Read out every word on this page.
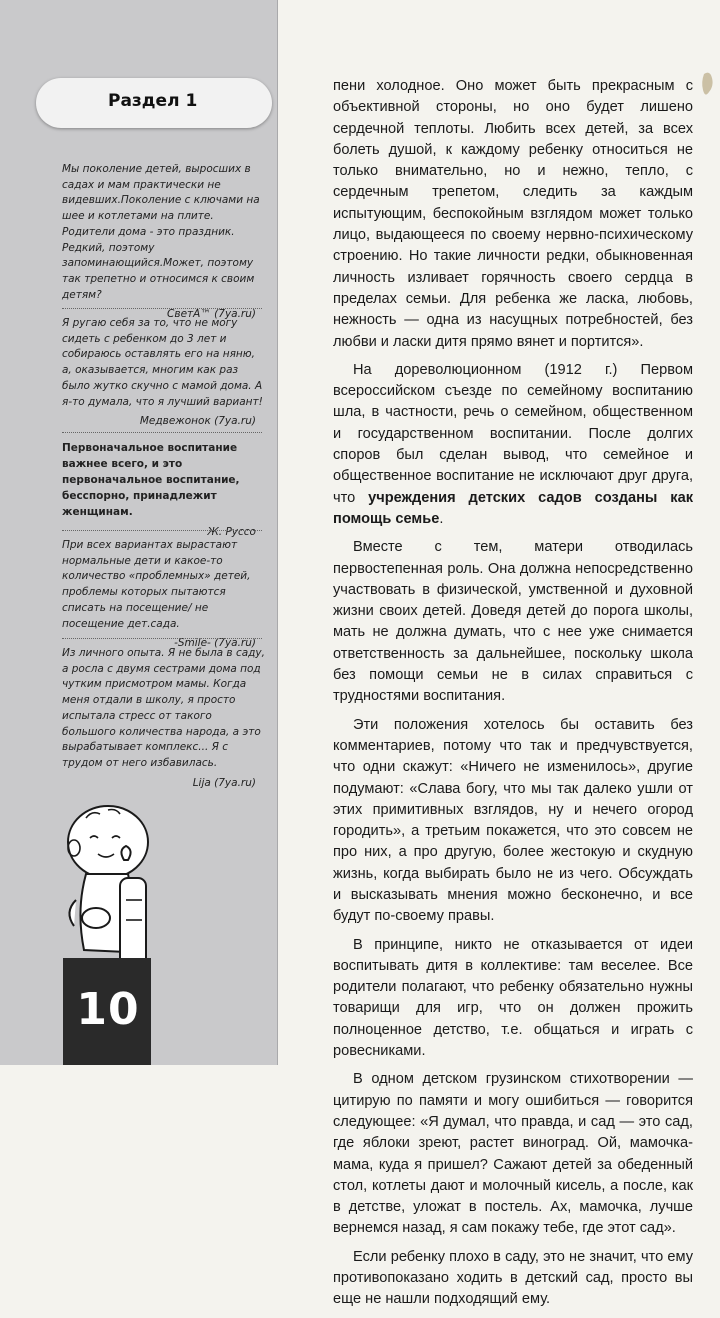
Раздел 1
Мы поколение детей, выросших в садах и мам практически не видевших.Поколение с ключами на шее и котлетами на плите. Родители дома - это праздник. Редкий, поэтому запоминающийся.Может, поэтому так трепетно и относимся к своим детям?
СветА™ (7ya.ru)
Я ругаю себя за то, что не могу сидеть с ребенком до 3 лет и собираюсь оставлять его на няню, а, оказывается, многим как раз было жутко скучно с мамой дома. А я-то думала, что я лучший вариант!
Медвежонок (7ya.ru)
Первоначальное воспитание важнее всего, и это первоначальное воспитание, бесспорно, принадлежит женщинам.
Ж. Руссо
При всех вариантах вырастают нормальные дети и какое-то количество «проблемных» детей, проблемы которых пытаются списать на посещение/ не посещение дет.сада.
-Smile- (7ya.ru)
Из личного опыта. Я не была в саду, а росла с двумя сестрами дома под чутким присмотром мамы. Когда меня отдали в школу, я просто испытала стресс от такого большого количества народа, а это вырабатывает комплекс... Я с трудом от него избавилась.
Lija (7ya.ru)
10

пени холодное. Оно может быть прекрасным с объективной стороны, но оно будет лишено сердечной теплоты. Любить всех детей, за всех болеть душой, к каждому ребенку относиться не только внимательно, но и нежно, тепло, с сердечным трепетом, следить за каждым испытующим, беспокойным взглядом может только лицо, выдающееся по своему нервно-психическому строению. Но такие личности редки, обыкновенная личность изливает горячность своего сердца в пределах семьи. Для ребенка же ласка, любовь, нежность — одна из насущных потребностей, без любви и ласки дитя прямо вянет и портится».

На дореволюционном (1912 г.) Первом всероссийском съезде по семейному воспитанию шла, в частности, речь о семейном, общественном и государственном воспитании. После долгих споров был сделан вывод, что семейное и общественное воспитание не исключают друг друга, что учреждения детских садов созданы как помощь семье.

Вместе с тем, матери отводилась первостепенная роль. Она должна непосредственно участвовать в физической, умственной и духовной жизни своих детей. Доведя детей до порога школы, мать не должна думать, что с нее уже снимается ответственность за дальнейшее, поскольку школа без помощи семьи не в силах справиться с трудностями воспитания.

Эти положения хотелось бы оставить без комментариев, потому что так и предчувствуется, что одни скажут: «Ничего не изменилось», другие подумают: «Слава богу, что мы так далеко ушли от этих примитивных взглядов, ну и нечего огород городить», а третьим покажется, что это совсем не про них, а про другую, более жестокую и скудную жизнь, когда выбирать было не из чего. Обсуждать и высказывать мнения можно бесконечно, и все будут по-своему правы.

В принципе, никто не отказывается от идеи воспитывать дитя в коллективе: там веселее. Все родители полагают, что ребенку обязательно нужны товарищи для игр, что он должен прожить полноценное детство, т.е. общаться и играть с ровесниками.

В одном детском грузинском стихотворении — цитирую по памяти и могу ошибиться — говорится следующее: «Я думал, что правда, и сад — это сад, где яблоки зреют, растет виноград. Ой, мамочка-мама, куда я пришел? Сажают детей за обеденный стол, котлеты дают и молочный кисель, а после, как в детстве, уложат в постель. Ах, мамочка, лучше вернемся назад, я сам покажу тебе, где этот сад».

Если ребенку плохо в саду, это не значит, что ему противопоказано ходить в детский сад, просто вы еще не нашли подходящий ему.
